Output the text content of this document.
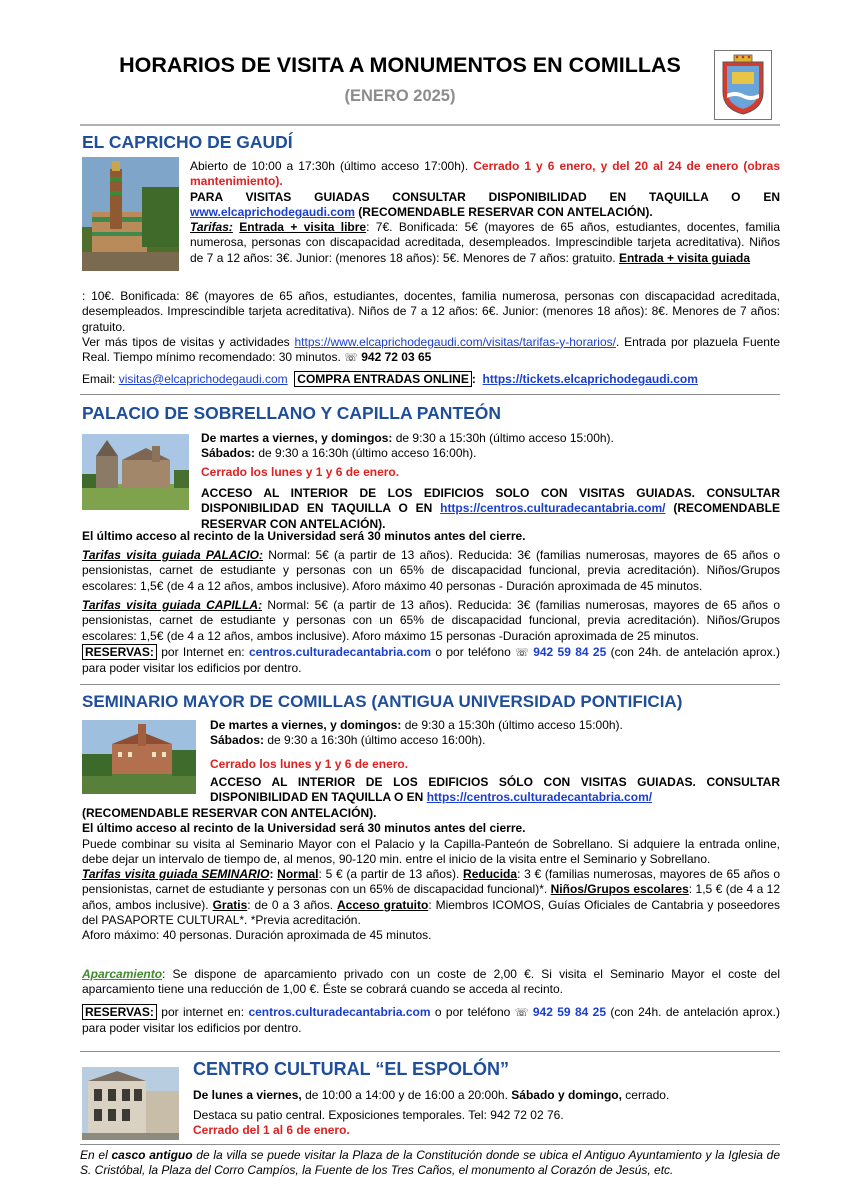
HORARIOS DE VISITA A MONUMENTOS EN COMILLAS
(ENERO 2025)
EL CAPRICHO DE GAUDÍ
Abierto de 10:00 a 17:30h (último acceso 17:00h). Cerrado 1 y 6 enero, y del 20 al 24 de enero (obras mantenimiento).
PARA VISITAS GUIADAS CONSULTAR DISPONIBILIDAD EN TAQUILLA O EN www.elcaprichodegaudi.com (RECOMENDABLE RESERVAR CON ANTELACIÓN).
Tarifas: Entrada + visita libre: 7€. Bonificada: 5€ (mayores de 65 años, estudiantes, docentes, familia numerosa, personas con discapacidad acreditada, desempleados. Imprescindible tarjeta acreditativa). Niños de 7 a 12 años: 3€. Junior: (menores 18 años): 5€. Menores de 7 años: gratuito. Entrada + visita guiada
: 10€. Bonificada: 8€ (mayores de 65 años, estudiantes, docentes, familia numerosa, personas con discapacidad acreditada, desempleados. Imprescindible tarjeta acreditativa). Niños de 7 a 12 años: 6€. Junior: (menores 18 años): 8€. Menores de 7 años: gratuito.
Ver más tipos de visitas y actividades https://www.elcaprichodegaudi.com/visitas/tarifas-y-horarios/. Entrada por plazuela Fuente Real. Tiempo mínimo recomendado: 30 minutos. ☏ 942 72 03 65
Email: visitas@elcaprichodegaudi.com COMPRA ENTRADAS ONLINE : https://tickets.elcaprichodegaudi.com
PALACIO DE SOBRELLANO Y CAPILLA PANTEÓN
De martes a viernes, y domingos: de 9:30 a 15:30h (último acceso 15:00h).
Sábados: de 9:30 a 16:30h (último acceso 16:00h).
Cerrado los lunes y 1 y 6 de enero.
ACCESO AL INTERIOR DE LOS EDIFICIOS SOLO CON VISITAS GUIADAS. CONSULTAR DISPONIBILIDAD EN TAQUILLA O EN https://centros.culturadecantabria.com/ (RECOMENDABLE RESERVAR CON ANTELACIÓN).
El último acceso al recinto de la Universidad será 30 minutos antes del cierre.
Tarifas visita guiada PALACIO: Normal: 5€ (a partir de 13 años). Reducida: 3€ (familias numerosas, mayores de 65 años o pensionistas, carnet de estudiante y personas con un 65% de discapacidad funcional, previa acreditación). Niños/Grupos escolares: 1,5€ (de 4 a 12 años, ambos inclusive). Aforo máximo 40 personas - Duración aproximada de 45 minutos.
Tarifas visita guiada CAPILLA: Normal: 5€ (a partir de 13 años). Reducida: 3€ (familias numerosas, mayores de 65 años o pensionistas, carnet de estudiante y personas con un 65% de discapacidad funcional, previa acreditación). Niños/Grupos escolares: 1,5€ (de 4 a 12 años, ambos inclusive). Aforo máximo 15 personas -Duración aproximada de 25 minutos.
RESERVAS: por Internet en: centros.culturadecantabria.com o por teléfono ☏ 942 59 84 25 (con 24h. de antelación aprox.) para poder visitar los edificios por dentro.
SEMINARIO MAYOR DE COMILLAS (ANTIGUA UNIVERSIDAD PONTIFICIA)
De martes a viernes, y domingos: de 9:30 a 15:30h (último acceso 15:00h).
Sábados: de 9:30 a 16:30h (último acceso 16:00h).
Cerrado los lunes y 1 y 6 de enero.
ACCESO AL INTERIOR DE LOS EDIFICIOS SÓLO CON VISITAS GUIADAS. CONSULTAR DISPONIBILIDAD EN TAQUILLA O EN https://centros.culturadecantabria.com/
(RECOMENDABLE RESERVAR CON ANTELACIÓN).
El último acceso al recinto de la Universidad será 30 minutos antes del cierre.
Puede combinar su visita al Seminario Mayor con el Palacio y la Capilla-Panteón de Sobrellano. Si adquiere la entrada online, debe dejar un intervalo de tiempo de, al menos, 90-120 min. entre el inicio de la visita entre el Seminario y Sobrellano.
Tarifas visita guiada SEMINARIO: Normal: 5 € (a partir de 13 años). Reducida: 3 € (familias numerosas, mayores de 65 años o pensionistas, carnet de estudiante y personas con un 65% de discapacidad funcional)*. Niños/Grupos escolares: 1,5 € (de 4 a 12 años, ambos inclusive). Gratis: de 0 a 3 años. Acceso gratuito: Miembros ICOMOS, Guías Oficiales de Cantabria y poseedores del PASAPORTE CULTURAL*. *Previa acreditación.
Aforo máximo: 40 personas. Duración aproximada de 45 minutos.
Aparcamiento: Se dispone de aparcamiento privado con un coste de 2,00 €. Si visita el Seminario Mayor el coste del aparcamiento tiene una reducción de 1,00 €. Éste se cobrará cuando se acceda al recinto.
RESERVAS: por internet en: centros.culturadecantabria.com o por teléfono ☏ 942 59 84 25 (con 24h. de antelación aprox.) para poder visitar los edificios por dentro.
CENTRO CULTURAL “EL ESPOLÓN”
De lunes a viernes, de 10:00 a 14:00 y de 16:00 a 20:00h. Sábado y domingo, cerrado.
Destaca su patio central. Exposiciones temporales. Tel: 942 72 02 76.
Cerrado del 1 al 6 de enero.
En el casco antiguo de la villa se puede visitar la Plaza de la Constitución donde se ubica el Antiguo Ayuntamiento y la Iglesia de S. Cristóbal, la Plaza del Corro Campíos, la Fuente de los Tres Caños, el monumento al Corazón de Jesús, etc.
